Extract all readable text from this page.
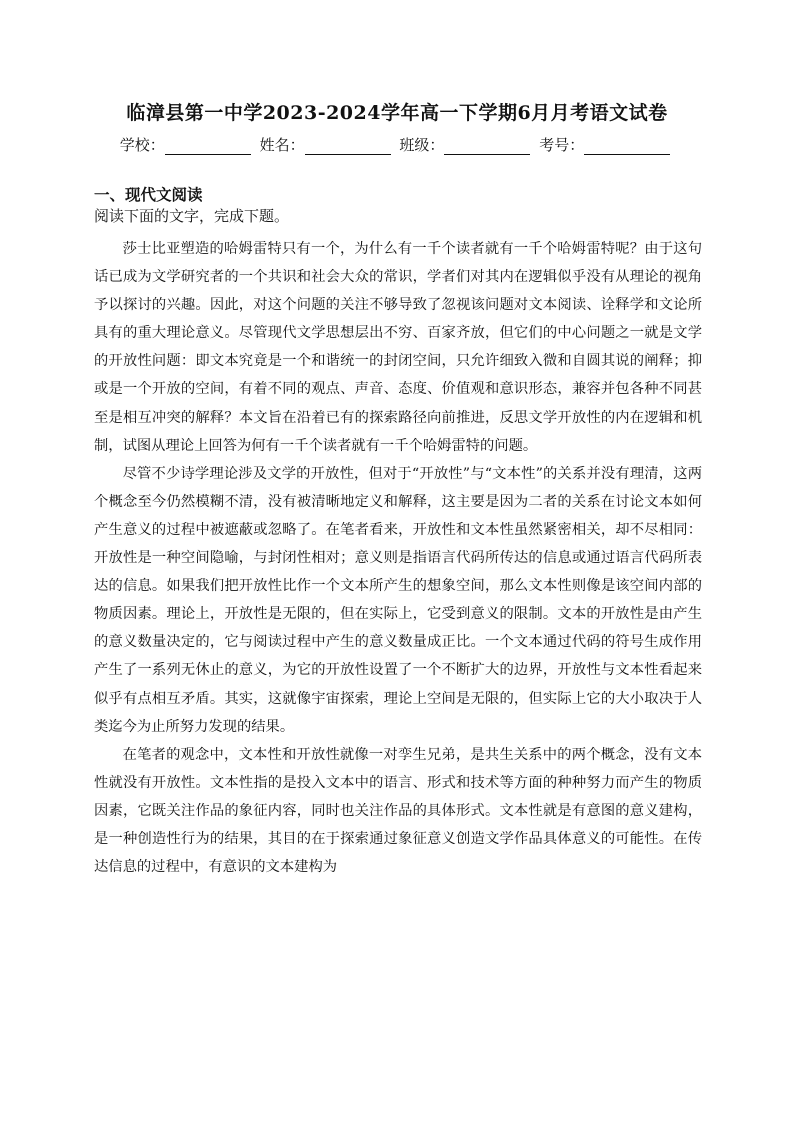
临漳县第一中学2023-2024学年高一下学期6月月考语文试卷
学校：	姓名：	班级：	考号：
一、现代文阅读
阅读下面的文字，完成下题。

莎士比亚塑造的哈姆雷特只有一个，为什么有一千个读者就有一千个哈姆雷特呢？由于这句话已成为文学研究者的一个共识和社会大众的常识，学者们对其内在逻辑似乎没有从理论的视角予以探讨的兴趣。因此，对这个问题的关注不够导致了忽视该问题对文本阅读、诠释学和文论所具有的重大理论意义。尽管现代文学思想层出不穷、百家齐放，但它们的中心问题之一就是文学的开放性问题：即文本究竟是一个和谐统一的封闭空间，只允许细致入微和自圆其说的阐释；抑或是一个开放的空间，有着不同的观点、声音、态度、价值观和意识形态，兼容并包各种不同甚至是相互冲突的解释？本文旨在沿着已有的探索路径向前推进，反思文学开放性的内在逻辑和机制，试图从理论上回答为何有一千个读者就有一千个哈姆雷特的问题。

尽管不少诗学理论涉及文学的开放性，但对于“开放性”与“文本性”的关系并没有理清，这两个概念至今仍然模糊不清，没有被清晰地定义和解释，这主要是因为二者的关系在讨论文本如何产生意义的过程中被遮蔽或忽略了。在笔者看来，开放性和文本性虽然紧密相关，却不尽相同：开放性是一种空间隐喻，与封闭性相对；意义则是指语言代码所传达的信息或通过语言代码所表达的信息。如果我们把开放性比作一个文本所产生的想象空间，那么文本性则像是该空间内部的物质因素。理论上，开放性是无限的，但在实际上，它受到意义的限制。文本的开放性是由产生的意义数量决定的，它与阅读过程中产生的意义数量成正比。一个文本通过代码的符号生成作用产生了一系列无休止的意义，为它的开放性设置了一个不断扩大的边界，开放性与文本性看起来似乎有点相互矛盾。其实，这就像宇宙探索，理论上空间是无限的，但实际上它的大小取决于人类迄今为止所努力发现的结果。

在笔者的观念中，文本性和开放性就像一对孪生兄弟，是共生关系中的两个概念，没有文本性就没有开放性。文本性指的是投入文本中的语言、形式和技术等方面的种种努力而产生的物质因素，它既关注作品的象征内容，同时也关注作品的具体形式。文本性就是有意图的意义建构，是一种创造性行为的结果，其目的在于探索通过象征意义创造文学作品具体意义的可能性。在传达信息的过程中，有意识的文本建构为
